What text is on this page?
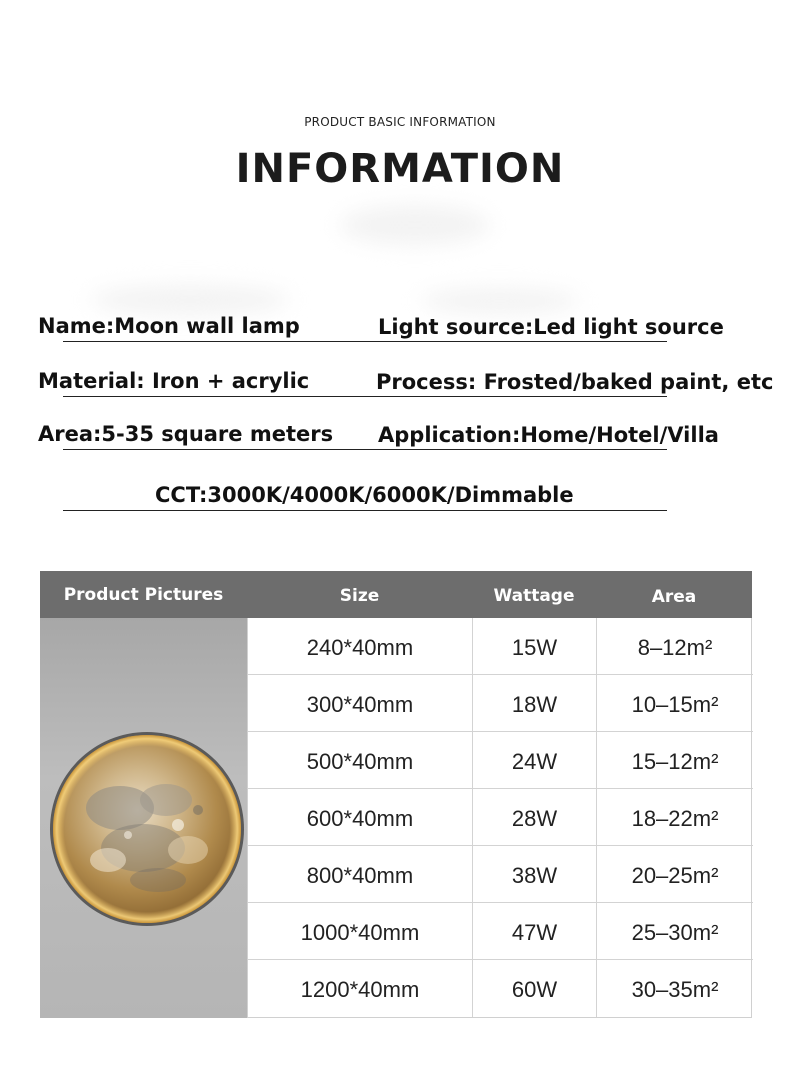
PRODUCT BASIC INFORMATION
INFORMATION
Name:Moon wall lamp	Light source:Led light source
Material: Iron + acrylic	Process: Frosted/baked paint, etc
Area:5-35 square meters Application:Home/Hotel/Villa
CCT:3000K/4000K/6000K/Dimmable
Product Pictures	Size	Wattage	Area
240*40mm	15W	8–12m²
300*40mm	18W	10–15m²
500*40mm	24W	15–12m²
600*40mm	28W	18–22m²
800*40mm	38W	20–25m²
1000*40mm	47W	25–30m²
1200*40mm	60W	30–35m²
